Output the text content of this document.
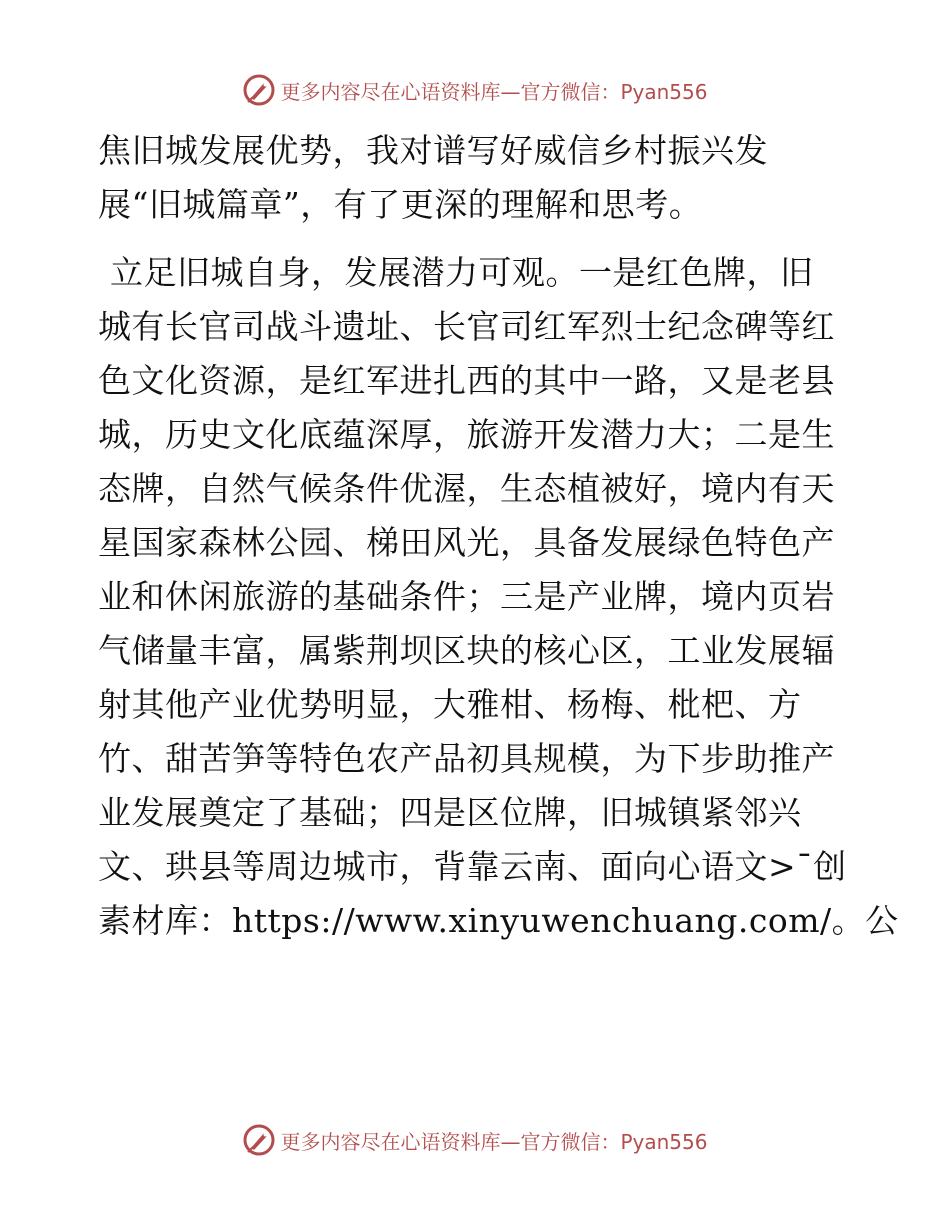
更多内容尽在心语资料库—官方微信：Pyan556
焦旧城发展优势，我对谱写好威信乡村振兴发
展“旧城篇章”，有了更深的理解和思考。
立足旧城自身，发展潜力可观。一是红色牌，旧
城有长官司战斗遗址、长官司红军烈士纪念碑等红
色文化资源，是红军进扎西的其中一路，又是老县
城，历史文化底蕴深厚，旅游开发潜力大；二是生
态牌，自然气候条件优渥，生态植被好，境内有天
星国家森林公园、梯田风光，具备发展绿色特色产
业和休闲旅游的基础条件；三是产业牌，境内页岩
气储量丰富，属紫荆坝区块的核心区，工业发展辐
射其他产业优势明显，大雅柑、杨梅、枇杷、方
竹、甜苦笋等特色农产品初具规模，为下步助推产
业发展奠定了基础；四是区位牌，旧城镇紧邻兴
文、珙县等周边城市，背靠云南、面向心语文>¯创
素材库：https://www.xinyuwenchuang.com/。公
更多内容尽在心语资料库—官方微信：Pyan556
